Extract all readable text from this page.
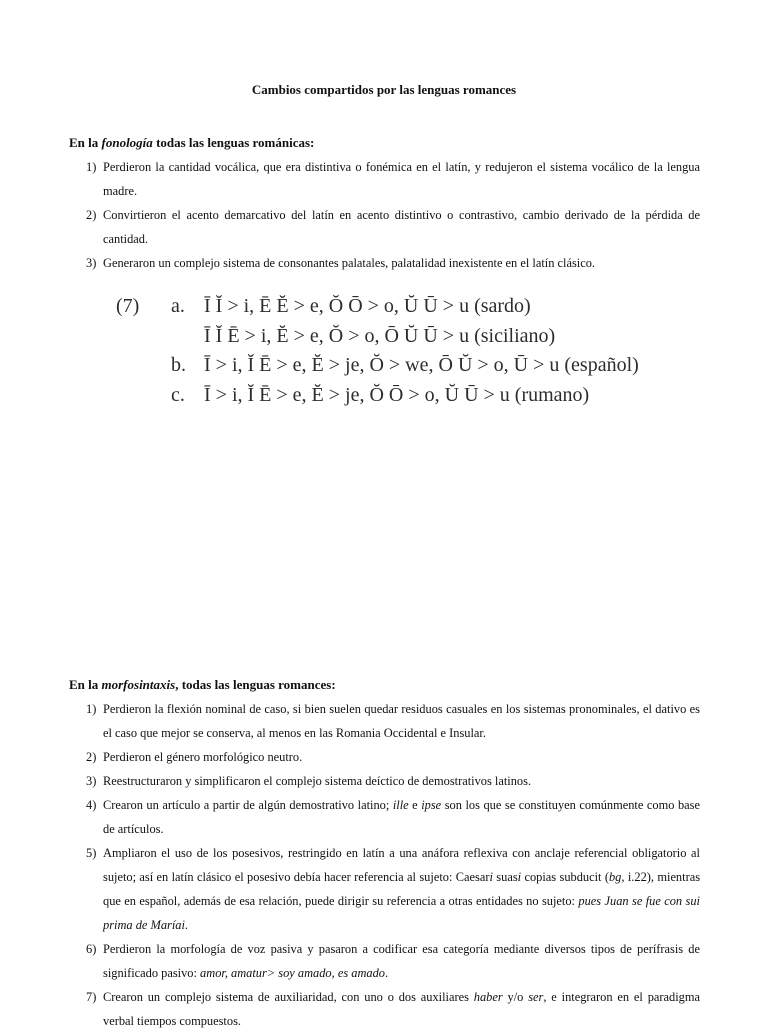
Cambios compartidos por las lenguas romances
En la fonología todas las lenguas románicas:
1) Perdieron la cantidad vocálica, que era distintiva o fonémica en el latín, y redujeron el sistema vocálico de la lengua madre.
2) Convirtieron el acento demarcativo del latín en acento distintivo o contrastivo, cambio derivado de la pérdida de cantidad.
3) Generaron un complejo sistema de consonantes palatales, palatalidad inexistente en el latín clásico.
(7) a. Ī Ĭ > i, Ē Ĕ > e, Ŏ Ō > o, Ŭ Ū > u (sardo)
Ī Ĭ Ē > i, Ĕ > e, Ŏ > o, Ō Ŭ Ū > u (siciliano)
b. Ī > i, Ĭ Ē > e, Ĕ > je, Ŏ > we, Ō Ŭ > o, Ū > u (español)
c. Ī > i, Ĭ Ē > e, Ĕ > je, Ŏ Ō > o, Ŭ Ū > u (rumano)
En la morfosintaxis, todas las lenguas romances:
1) Perdieron la flexión nominal de caso, si bien suelen quedar residuos casuales en los sistemas pronominales, el dativo es el caso que mejor se conserva, al menos en las Romania Occidental e Insular.
2) Perdieron el género morfológico neutro.
3) Reestructuraron y simplificaron el complejo sistema deíctico de demostrativos latinos.
4) Crearon un artículo a partir de algún demostrativo latino; ille e ipse son los que se constituyen comúnmente como base de artículos.
5) Ampliaron el uso de los posesivos, restringido en latín a una anáfora reflexiva con anclaje referencial obligatorio al sujeto; así en latín clásico el posesivo debía hacer referencia al sujeto: Caesari suasi copias subducit (bg, i.22), mientras que en español, además de esa relación, puede dirigir su referencia a otras entidades no sujeto: pues Juan se fue con sui prima de Maríai.
6) Perdieron la morfología de voz pasiva y pasaron a codificar esa categoría mediante diversos tipos de perífrasis de significado pasivo: amor, amatur> soy amado, es amado.
7) Crearon un complejo sistema de auxiliaridad, con uno o dos auxiliares haber y/o ser, e integraron en el paradigma verbal tiempos compuestos.
